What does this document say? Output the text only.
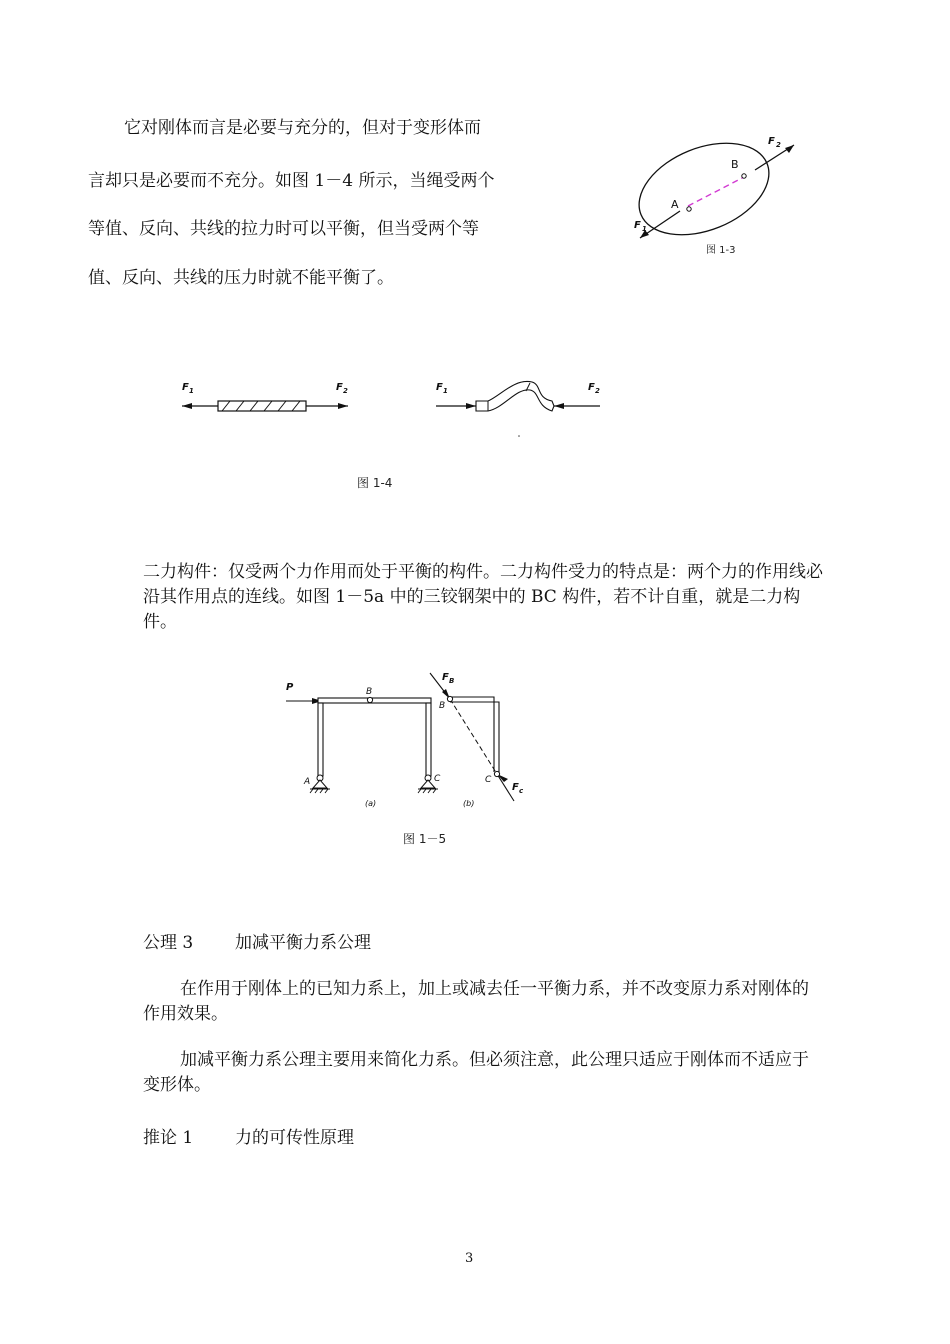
它对刚体而言是必要与充分的，但对于变形体而
言却只是必要而不充分。如图 1－4 所示，当绳受两个
等值、反向、共线的拉力时可以平衡，但当受两个等
值、反向、共线的压力时就不能平衡了。
A
B
F 1
F 2
图 1-3
F 1	F 2	F 1	F 2
图 1-4
二力构件：仅受两个力作用而处于平衡的构件。二力构件受力的特点是：两个力的作用线必沿其作用点的连线。如图 1－5a 中的三铰钢架中的 BC 构件，若不计自重，就是二力构件。
P	B
A	C
(a)
F B
B
C
F c
(b)
图 1－5
公理 3 加减平衡力系公理
在作用于刚体上的已知力系上，加上或减去任一平衡力系，并不改变原力系对刚体的作用效果。
加减平衡力系公理主要用来简化力系。但必须注意，此公理只适应于刚体而不适应于变形体。
推论 1 力的可传性原理
3
